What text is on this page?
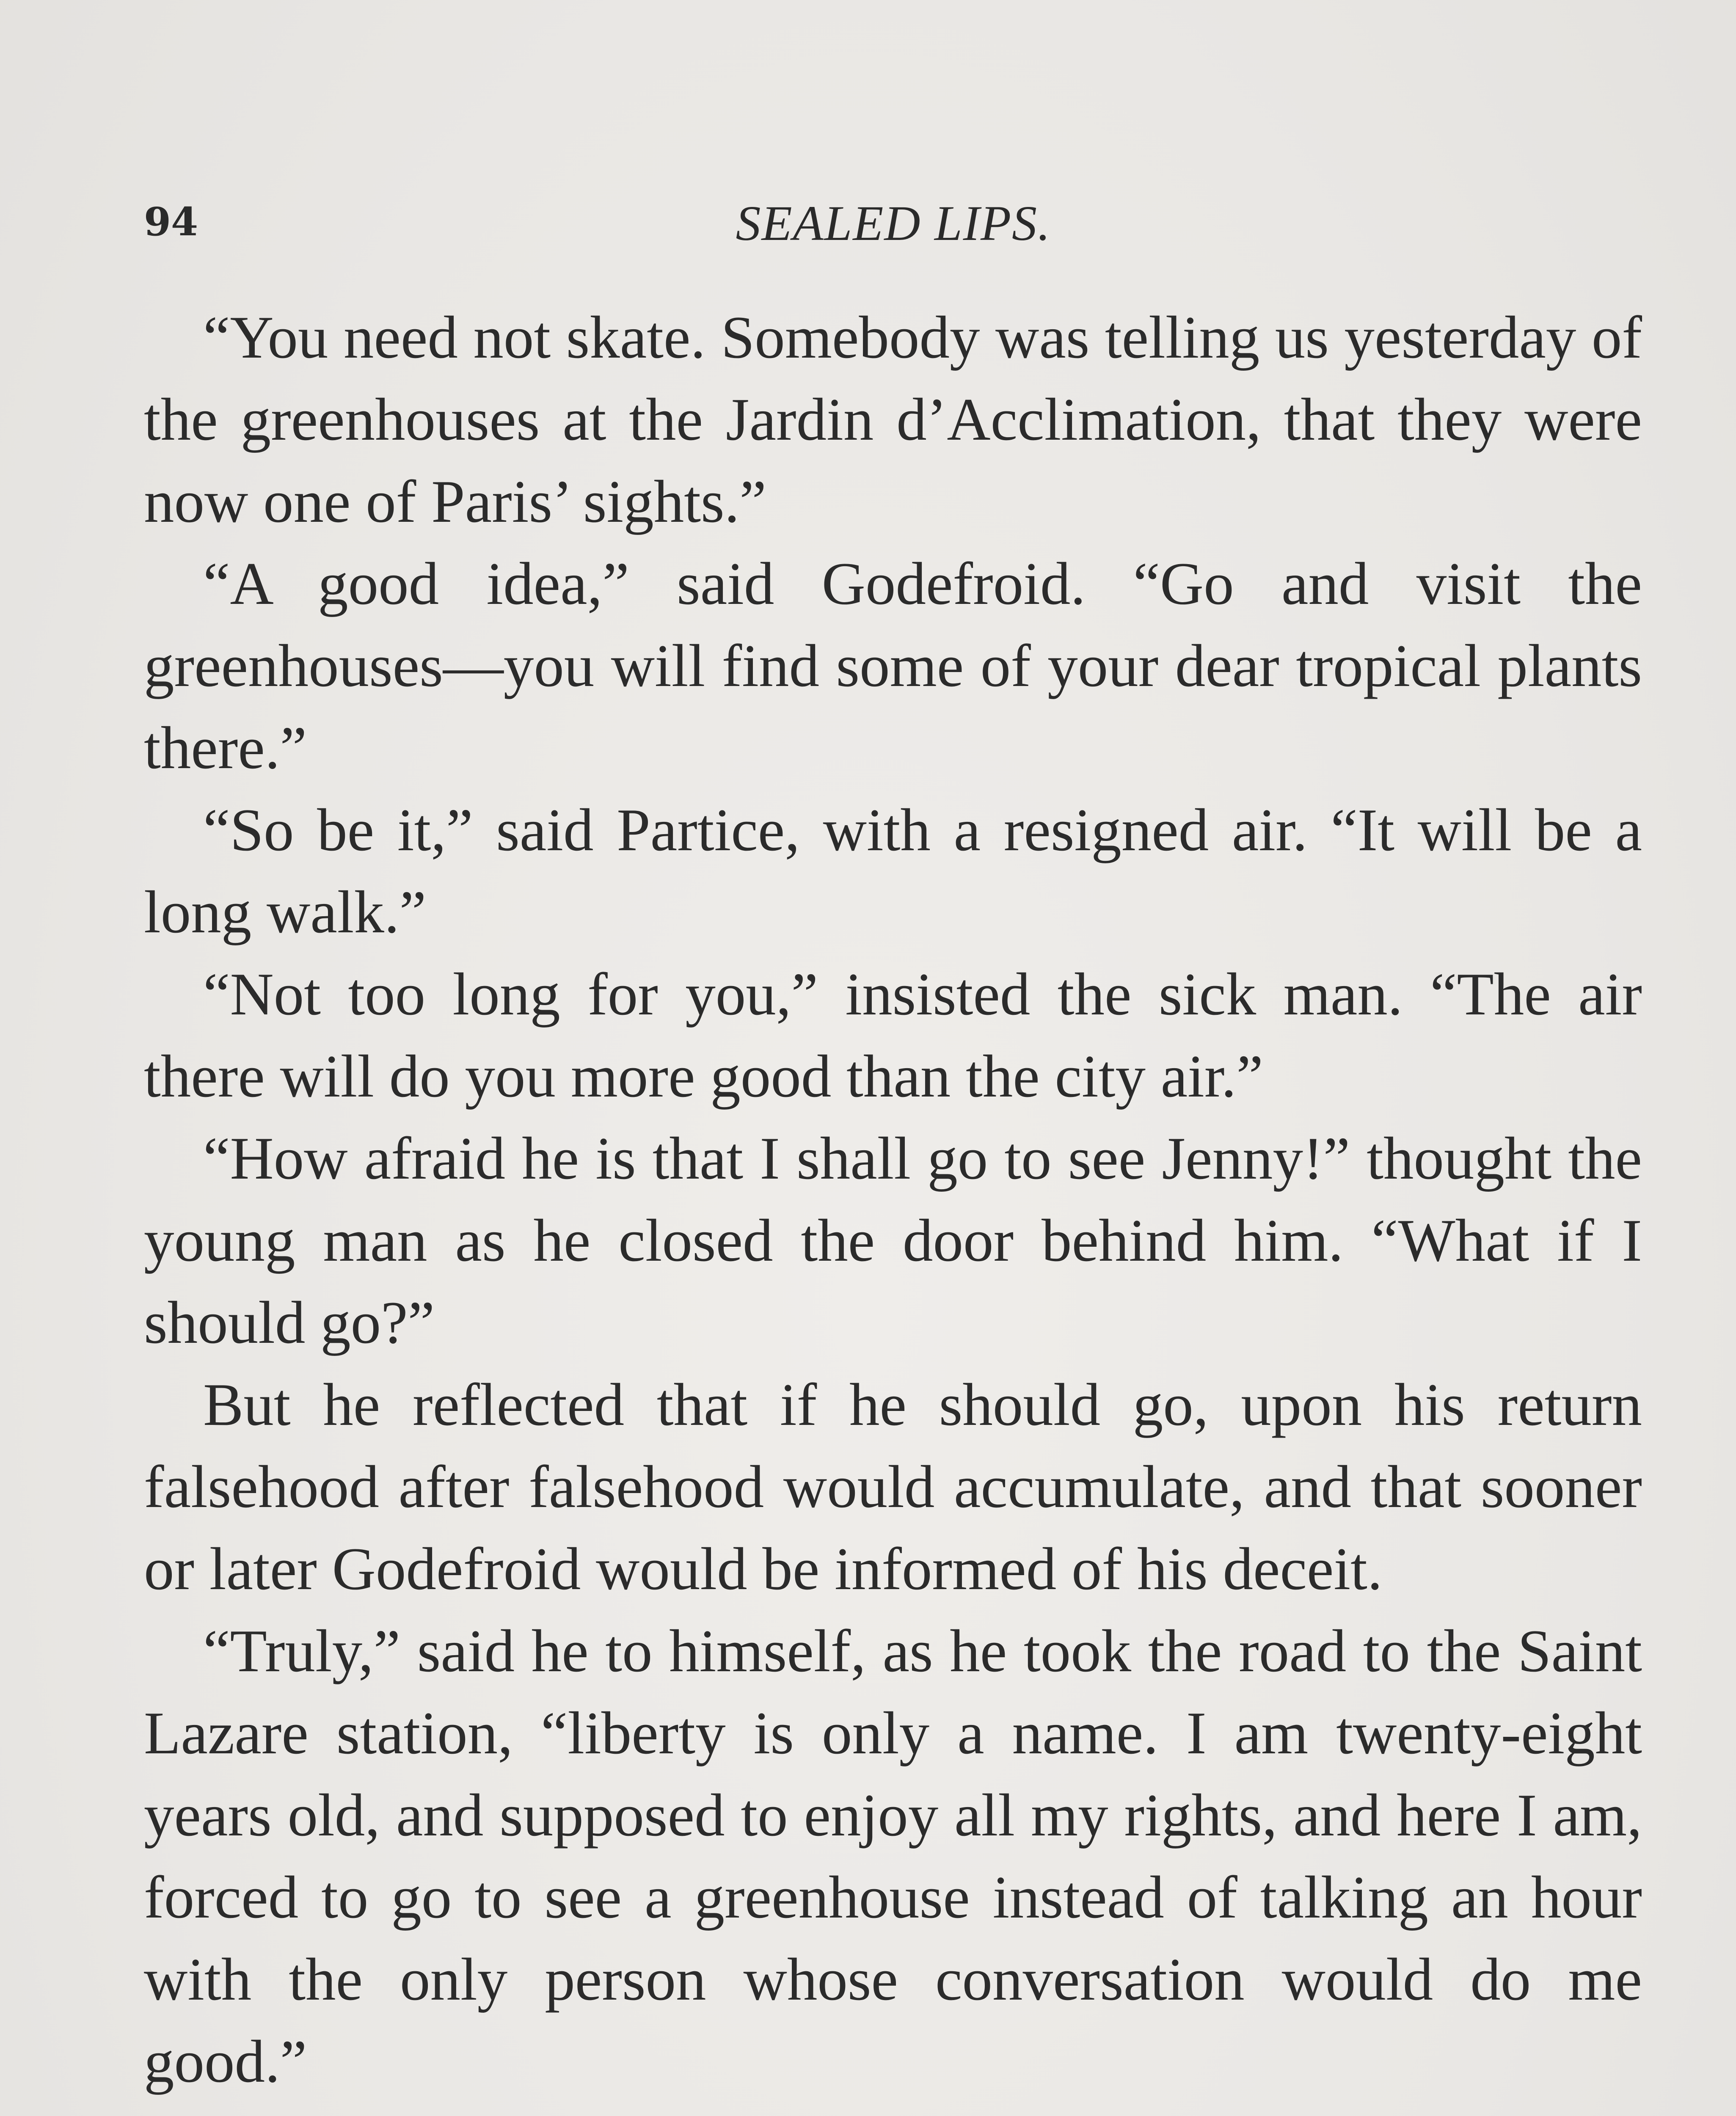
94	SEALED LIPS.

“You need not skate. Somebody was telling us yesterday of the greenhouses at the Jardin d’Acclimation, that they were now one of Paris’ sights.”

“A good idea,” said Godefroid. “Go and visit the greenhouses—you will find some of your dear tropical plants there.”

“So be it,” said Partice, with a resigned air. “It will be a long walk.”

“Not too long for you,” insisted the sick man. “The air there will do you more good than the city air.”

“How afraid he is that I shall go to see Jenny!” thought the young man as he closed the door behind him. “What if I should go?”

But he reflected that if he should go, upon his return falsehood after falsehood would accumulate, and that sooner or later Godefroid would be informed of his deceit.

“Truly,” said he to himself, as he took the road to the Saint Lazare station, “liberty is only a name. I am twenty-eight years old, and supposed to enjoy all my rights, and here I am, forced to go to see a greenhouse instead of talking an hour with the only person whose conversation would do me good.”
